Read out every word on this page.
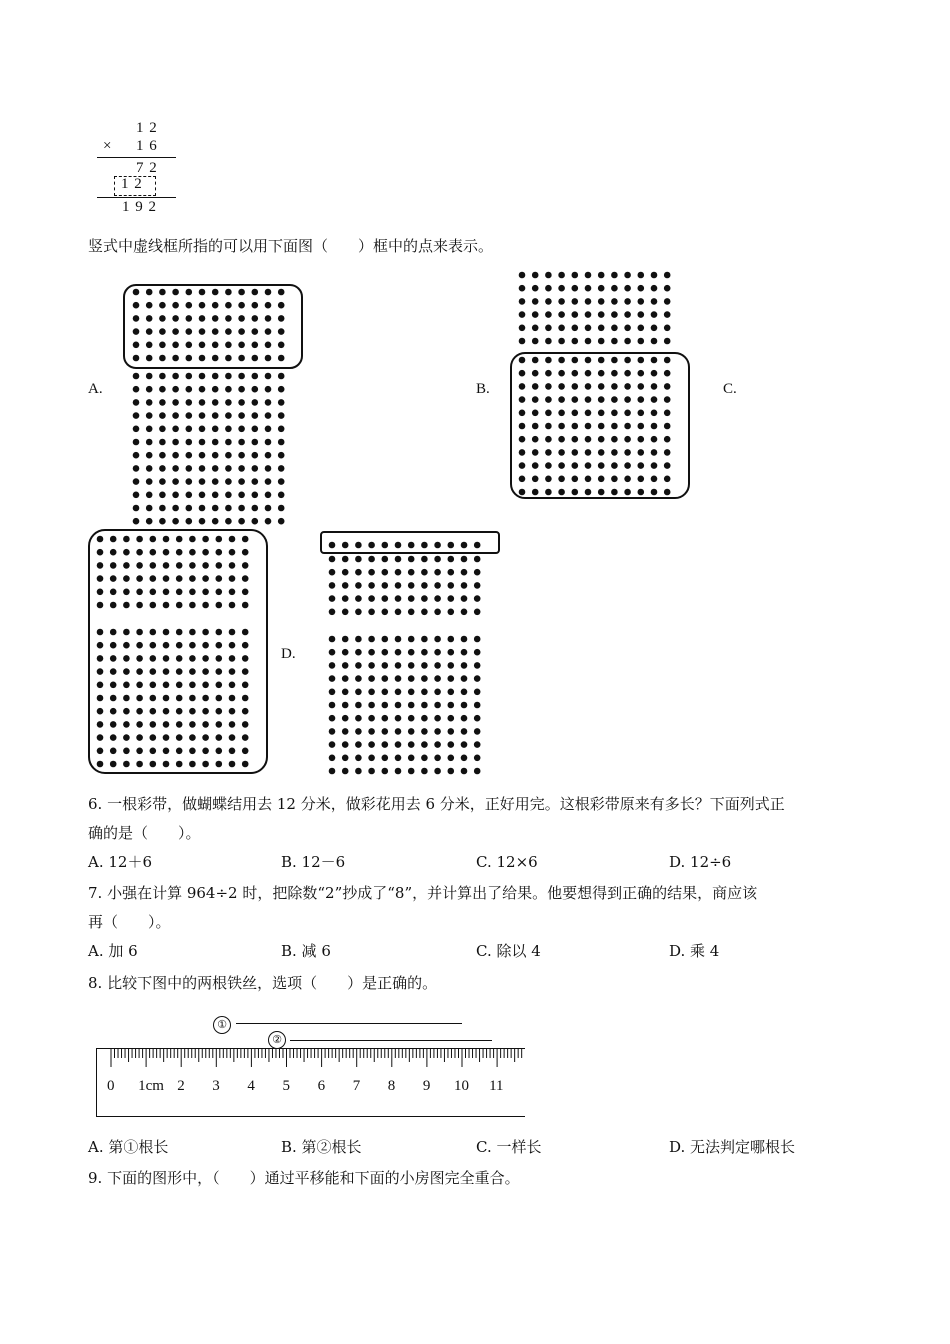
1 2
× 1 6
7 2
1 2
1 9 2
竖式中虚线框所指的可以用下面图（　　）框中的点来表示。
A.	B.	C.
D.
6. 一根彩带，做蝴蝶结用去 12 分米，做彩花用去 6 分米，正好用完。这根彩带原来有多长？下面列式正
确的是（　　）。
A. 12＋6	B. 12－6	C. 12×6	D. 12÷6
7. 小强在计算 964÷2 时，把除数“2”抄成了“8”，并计算出了给果。他要想得到正确的结果，商应该
再（　　）。
A. 加 6	B. 减 6	C. 除以 4	D. 乘 4
8. 比较下图中的两根铁丝，选项（　　）是正确的。
①
②
0 1cm 2 3 4 5 6 7 8 9 10 11
A. 第①根长	B. 第②根长	C. 一样长	D. 无法判定哪根长
9. 下面的图形中，（　　）通过平移能和下面的小房图完全重合。
